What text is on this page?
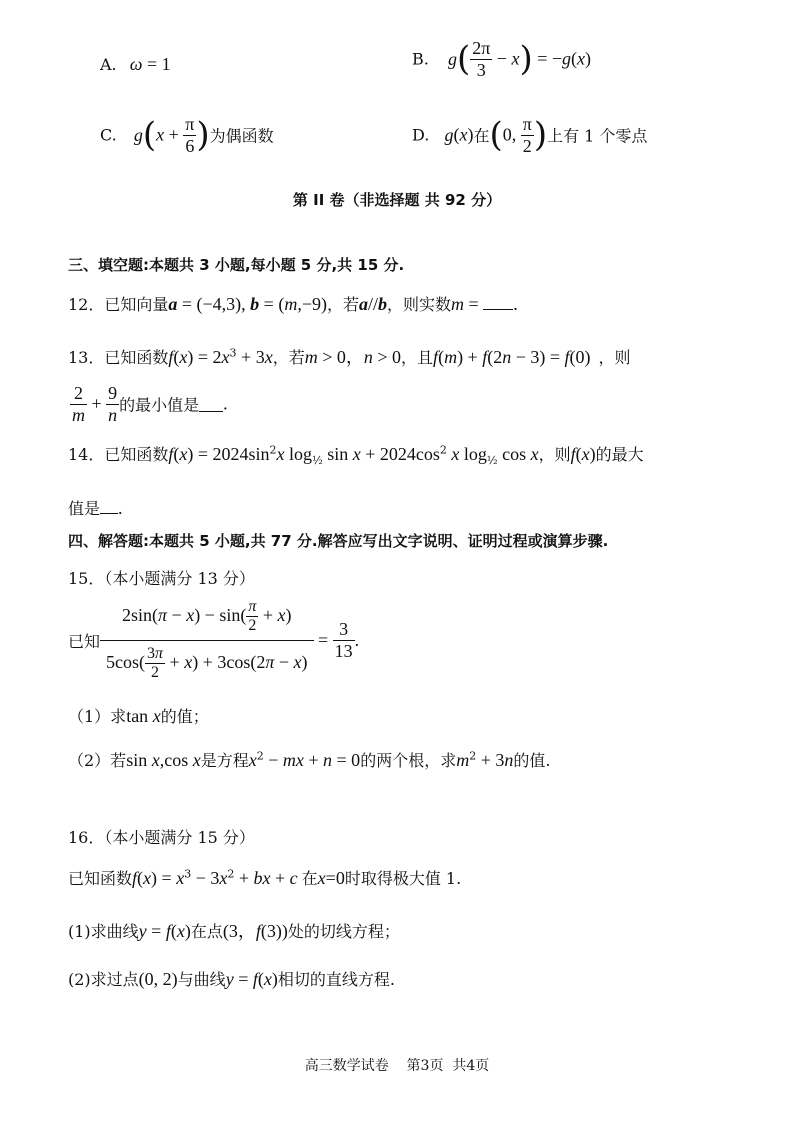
A. ω = 1	B. $g( \frac{2\pi}{3} - x) = -g(x)$
C. $g(x + \frac{\pi}{6}$ )为偶函数	D. g(x)在(0, $\frac{\pi}{2}$ )上有 1 个零点
第 II 卷（非选择题 共 92 分）
三、填空题:本题共 3 小题,每小题 5 分,共 15 分.
12．已知向量a = (−4,3), b = (m,−9)，若a//b，则实数m = .
13．已知函数$f(x) = 2x^3 + 3x$，若m > 0，n > 0，且f(m) + f(2n − 3) = f(0) ，则
$\frac{2}{m} + \frac{9}{n}$ 的最小值是 .
14．已知函数$f(x) = 2024\sin^2x$ $\log_{\frac{1}{2}} \sin x + 2024\cos^2$ x $\log_{\frac{1}{2}} \cos x$，则f(x)的最大
值是 .
四、解答题:本题共 5 小题,共 77 分.解答应写出文字说明、证明过程或演算步骤.
15．（本小题满分 13 分）
已知 $\frac{2\sin(\pi - x) - \sin( \frac{\pi}{2} + x)}{5\cos( \frac{3\pi}{2} + x) + 3\cos(2\pi - x)} = \frac{3}{13}$ .
（1）求tan x的值；
（2）若sin x,cos x是方程$x^2$ − mx + n = 0的两个根，求$m^2 + 3n$的值.
16．（本小题满分 15 分）
已知函数$f(x) = x^3 - 3x^2$ + bx + c 在x=0时取得极大值 1.
(1)求曲线y = f(x)在点(3，f(3))处的切线方程；
(2)求过点(0, 2)与曲线y = f(x)相切的直线方程.
高三数学试卷    第3页  共4页
